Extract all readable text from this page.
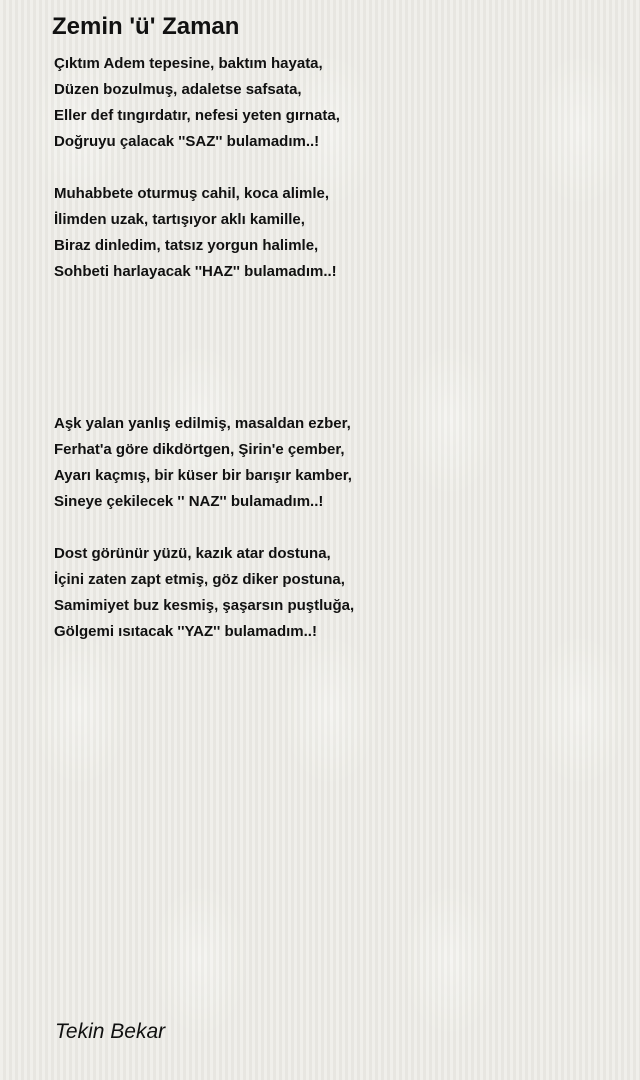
Zemin 'ü' Zaman
Çıktım Adem tepesine, baktım hayata,
Düzen bozulmuş, adaletse safsata,
Eller def tıngırdatır, nefesi yeten gırnata,
Doğruyu çalacak ''SAZ'' bulamadım..!
Muhabbete oturmuş cahil, koca alimle,
İlimden uzak, tartışıyor aklı kamille,
Biraz dinledim, tatsız yorgun halimle,
Sohbeti harlayacak ''HAZ'' bulamadım..!
Aşk yalan yanlış edilmiş, masaldan ezber,
Ferhat'a göre dikdörtgen, Şirin'e çember,
Ayarı kaçmış, bir küser bir barışır kamber,
Sineye çekilecek '' NAZ'' bulamadım..!
Dost görünür yüzü, kazık atar dostuna,
İçini zaten zapt etmiş, göz diker postuna,
Samimiyet buz kesmiş, şaşarsın puştluğa,
Gölgemi ısıtacak ''YAZ'' bulamadım..!
Tekin Bekar
